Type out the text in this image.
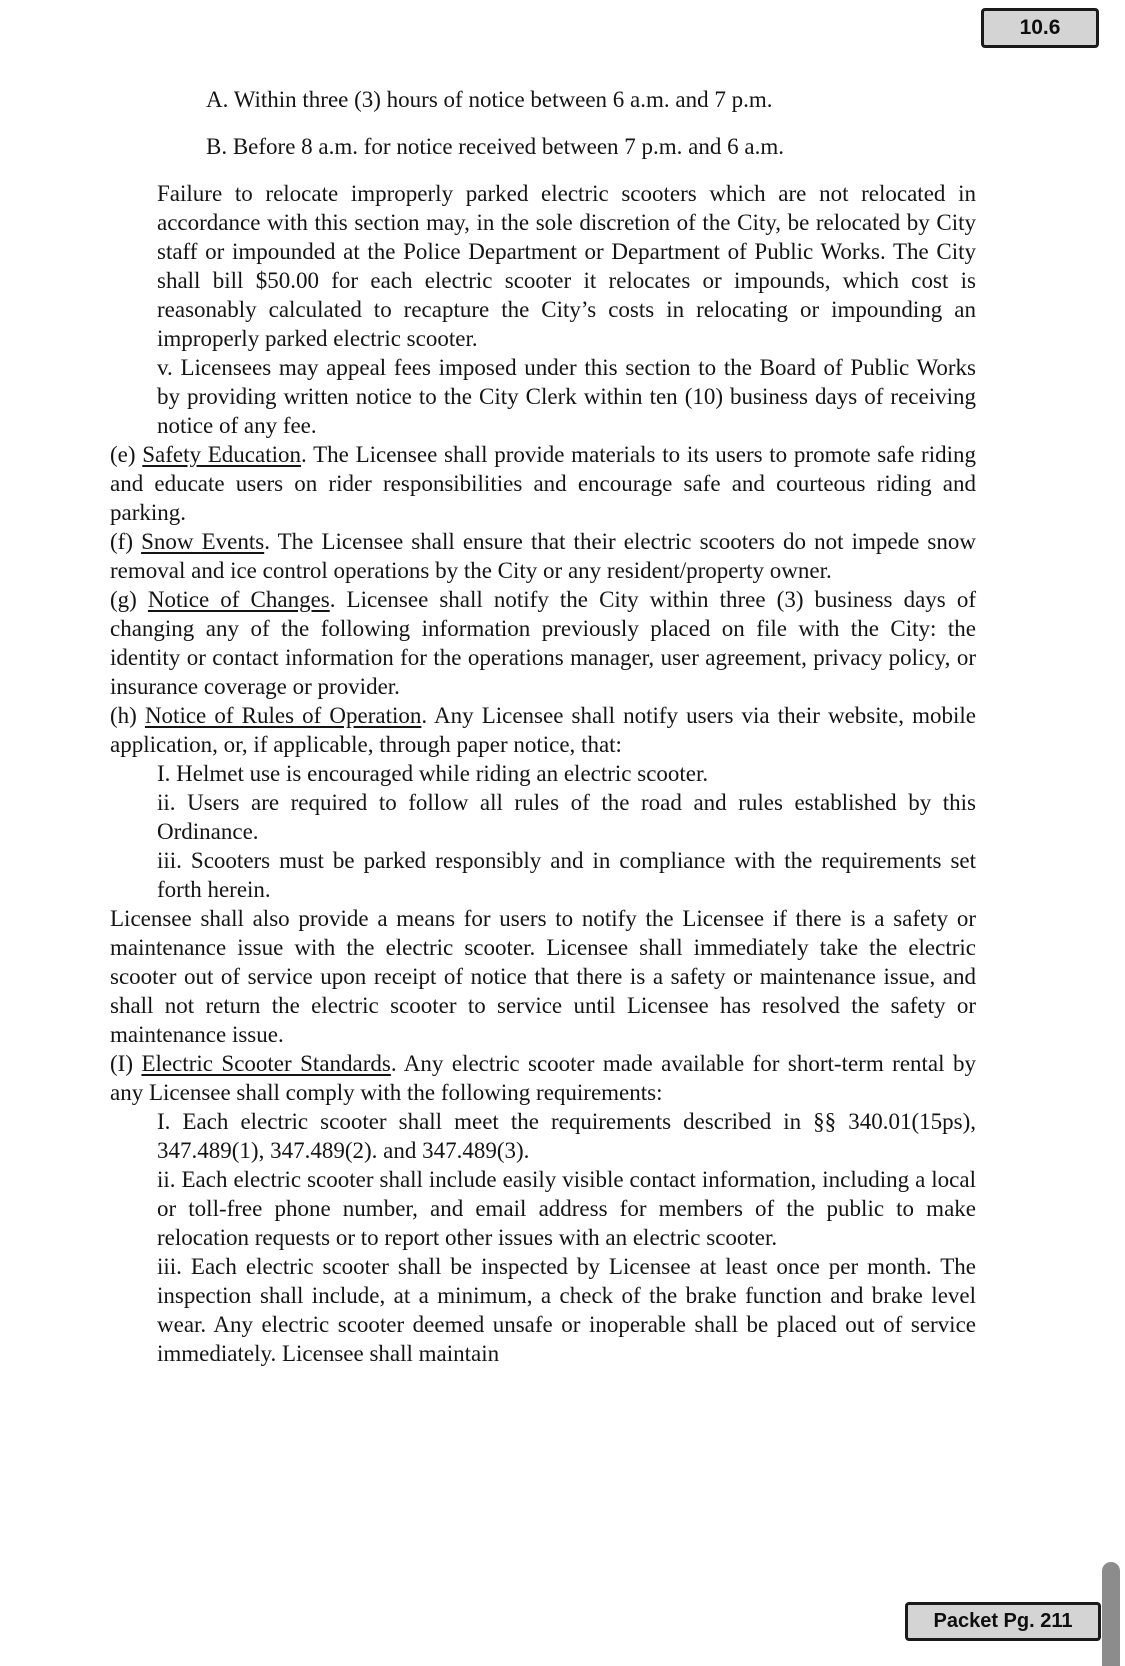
10.6

A. Within three (3) hours of notice between 6 a.m. and 7 p.m.

B. Before 8 a.m. for notice received between 7 p.m. and 6 a.m.

Failure to relocate improperly parked electric scooters which are not relocated in accordance with this section may, in the sole discretion of the City, be relocated by City staff or impounded at the Police Department or Department of Public Works. The City shall bill $50.00 for each electric scooter it relocates or impounds, which cost is reasonably calculated to recapture the City’s costs in relocating or impounding an improperly parked electric scooter.

v. Licensees may appeal fees imposed under this section to the Board of Public Works by providing written notice to the City Clerk within ten (10) business days of receiving notice of any fee.

(e) Safety Education. The Licensee shall provide materials to its users to promote safe riding and educate users on rider responsibilities and encourage safe and courteous riding and parking.

(f) Snow Events. The Licensee shall ensure that their electric scooters do not impede snow removal and ice control operations by the City or any resident/property owner.

(g) Notice of Changes. Licensee shall notify the City within three (3) business days of changing any of the following information previously placed on file with the City: the identity or contact information for the operations manager, user agreement, privacy policy, or insurance coverage or provider.

(h) Notice of Rules of Operation. Any Licensee shall notify users via their website, mobile application, or, if applicable, through paper notice, that:

I. Helmet use is encouraged while riding an electric scooter.

ii. Users are required to follow all rules of the road and rules established by this Ordinance.

iii. Scooters must be parked responsibly and in compliance with the requirements set forth herein.

Licensee shall also provide a means for users to notify the Licensee if there is a safety or maintenance issue with the electric scooter. Licensee shall immediately take the electric scooter out of service upon receipt of notice that there is a safety or maintenance issue, and shall not return the electric scooter to service until Licensee has resolved the safety or maintenance issue.

(I) Electric Scooter Standards. Any electric scooter made available for short-term rental by any Licensee shall comply with the following requirements:

I. Each electric scooter shall meet the requirements described in §§ 340.01(15ps), 347.489(1), 347.489(2). and 347.489(3).

ii. Each electric scooter shall include easily visible contact information, including a local or toll-free phone number, and email address for members of the public to make relocation requests or to report other issues with an electric scooter.

iii. Each electric scooter shall be inspected by Licensee at least once per month. The inspection shall include, at a minimum, a check of the brake function and brake level wear. Any electric scooter deemed unsafe or inoperable shall be placed out of service immediately. Licensee shall maintain

Packet Pg. 211
